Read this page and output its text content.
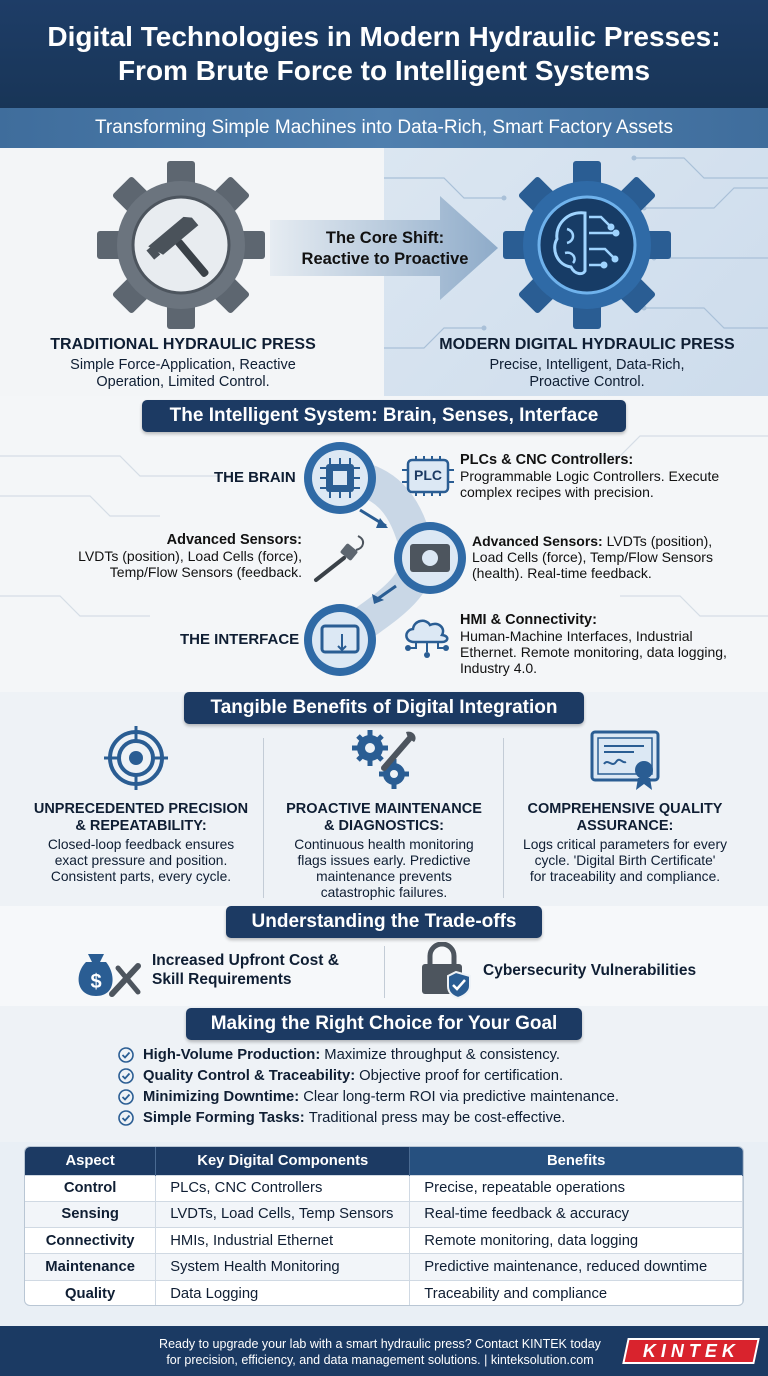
Digital Technologies in Modern Hydraulic Presses:
From Brute Force to Intelligent Systems
Transforming Simple Machines into Data-Rich, Smart Factory Assets
The Core Shift:
Reactive to Proactive
TRADITIONAL HYDRAULIC PRESS
Simple Force-Application, Reactive
Operation, Limited Control.
MODERN DIGITAL HYDRAULIC PRESS
Precise, Intelligent, Data-Rich,
Proactive Control.
The Intelligent System: Brain, Senses, Interface
THE BRAIN
THE INTERFACE
PLC
PLCs & CNC Controllers:
Programmable Logic Controllers. Execute
complex recipes with precision.
Advanced Sensors:
LVDTs (position), Load Cells (force),
Temp/Flow Sensors (feedback.
Advanced Sensors: LVDTs (position),
Load Cells (force), Temp/Flow Sensors
(health). Real-time feedback.
HMI & Connectivity:
Human-Machine Interfaces, Industrial
Ethernet. Remote monitoring, data logging,
Industry 4.0.
Tangible Benefits of Digital Integration
UNPRECEDENTED PRECISION
& REPEATABILITY:
Closed-loop feedback ensures
exact pressure and position.
Consistent parts, every cycle.
PROACTIVE MAINTENANCE
& DIAGNOSTICS:
Continuous health monitoring
flags issues early. Predictive
maintenance prevents
catastrophic failures.
COMPREHENSIVE QUALITY
ASSURANCE:
Logs critical parameters for every
cycle. 'Digital Birth Certificate'
for traceability and compliance.
Understanding the Trade-offs
$
Increased Upfront Cost &
Skill Requirements
Cybersecurity Vulnerabilities
Making the Right Choice for Your Goal
High-Volume Production: Maximize throughput & consistency.
Quality Control & Traceability: Objective proof for certification.
Minimizing Downtime: Clear long-term ROI via predictive maintenance.
Simple Forming Tasks: Traditional press may be cost-effective.
Aspect	Key Digital Components	Benefits
Control	PLCs, CNC Controllers	Precise, repeatable operations
Sensing	LVDTs, Load Cells, Temp Sensors	Real-time feedback & accuracy
Connectivity	HMIs, Industrial Ethernet	Remote monitoring, data logging
Maintenance	System Health Monitoring	Predictive maintenance, reduced downtime
Quality	Data Logging	Traceability and compliance
Ready to upgrade your lab with a smart hydraulic press? Contact KINTEK today
for precision, efficiency, and data management solutions. | kinteksolution.com	KINTEK
